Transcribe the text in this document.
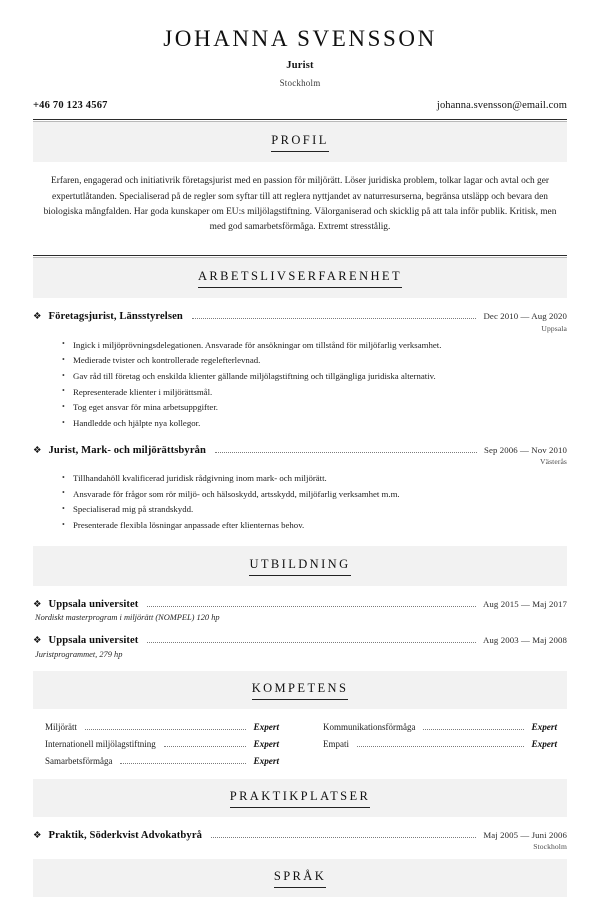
JOHANNA SVENSSON
Jurist
Stockholm
+46 70 123 4567	johanna.svensson@email.com
PROFIL
Erfaren, engagerad och initiativrik företagsjurist med en passion för miljörätt. Löser juridiska problem, tolkar lagar och avtal och ger expertutlåtanden. Specialiserad på de regler som syftar till att reglera nyttjandet av naturresurserna, begränsa utsläpp och bevara den biologiska mångfalden. Har goda kunskaper om EU:s miljölagstiftning. Välorganiserad och skicklig på att tala inför publik. Kritisk, men med god samarbetsförmåga. Extremt stresstålig.
ARBETSLIVSERFARENHET
❖ Företagsjurist, Länsstyrelsen	Dec 2010 — Aug 2020
Uppsala
• Ingick i miljöprövningsdelegationen. Ansvarade för ansökningar om tillstånd för miljöfarlig verksamhet.
• Medierade tvister och kontrollerade regelefterlevnad.
• Gav råd till företag och enskilda klienter gällande miljölagstiftning och tillgängliga juridiska alternativ.
• Representerade klienter i miljörättsmål.
• Tog eget ansvar för mina arbetsuppgifter.
• Handledde och hjälpte nya kollegor.
❖ Jurist, Mark- och miljörättsbyrån	Sep 2006 — Nov 2010
Västerås
• Tillhandahöll kvalificerad juridisk rådgivning inom mark- och miljörätt.
• Ansvarade för frågor som rör miljö- och hälsoskydd, artsskydd, miljöfarlig verksamhet m.m.
• Specialiserad mig på strandskydd.
• Presenterade flexibla lösningar anpassade efter klienternas behov.
UTBILDNING
❖ Uppsala universitet	Aug 2015 — Maj 2017
Nordiskt masterprogram i miljörätt (NOMPEL) 120 hp
❖ Uppsala universitet	Aug 2003 — Maj 2008
Juristprogrammet, 279 hp
KOMPETENS
Miljörätt	Expert	Kommunikationsförmåga	Expert
Internationell miljölagstiftning	Expert	Empati	Expert
Samarbetsförmåga	Expert
PRAKTIKPLATSER
❖ Praktik, Söderkvist Advokatbyrå	Maj 2005 — Juni 2006
Stockholm
SPRÅK
